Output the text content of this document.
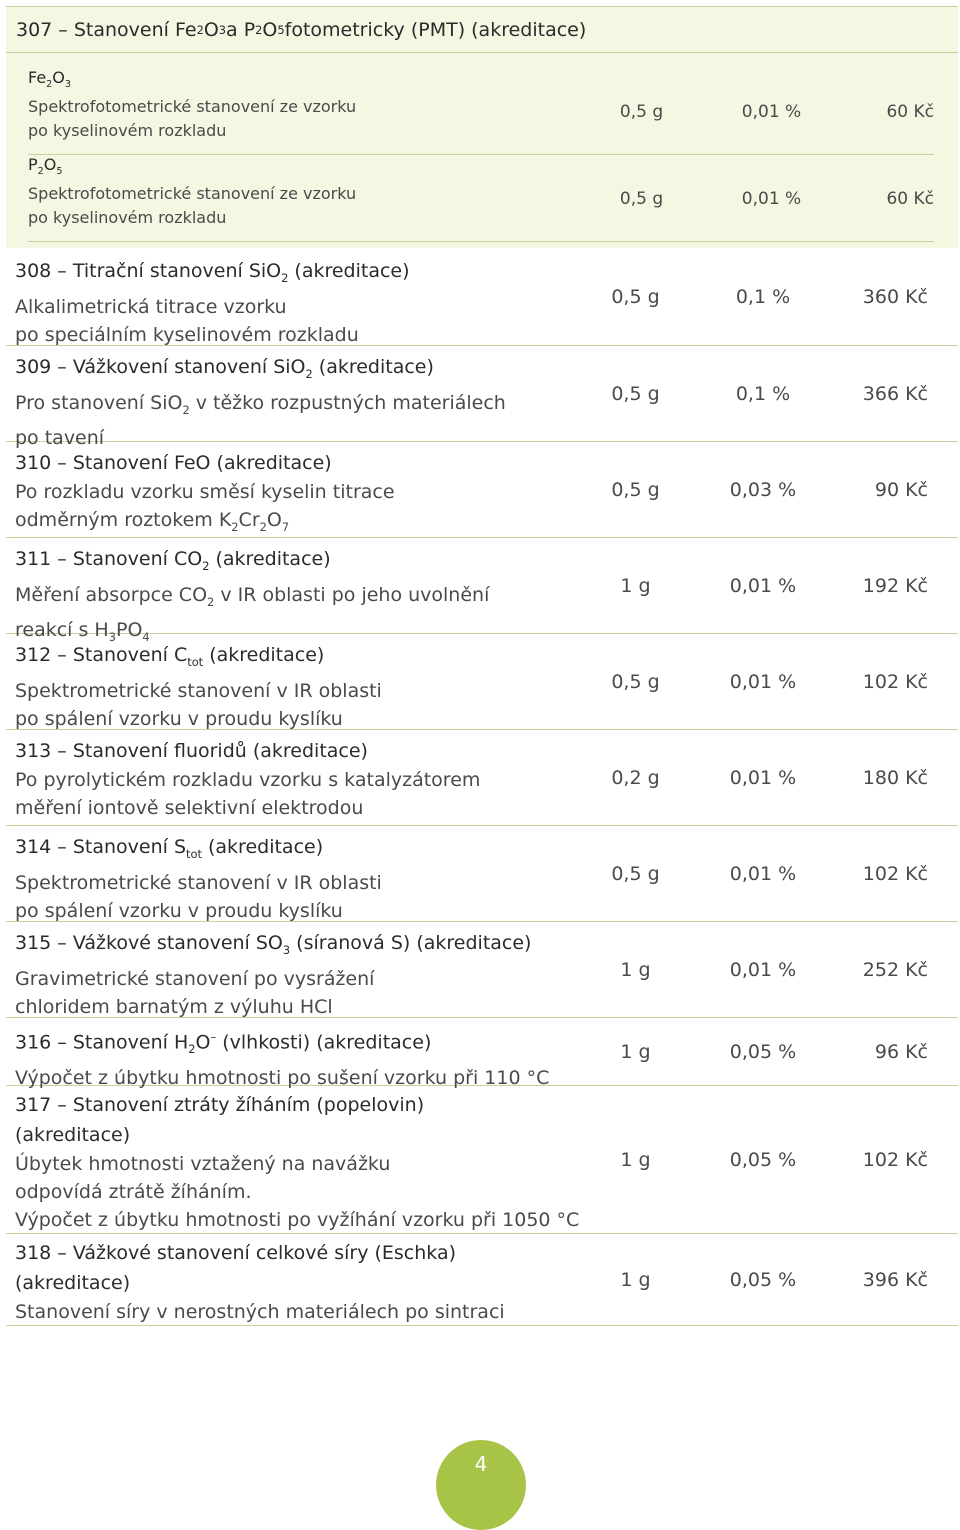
307 – Stanovení Fe 2 O 3 a P 2 O 5 fotometricky (PMT) (akreditace)
$Fe_2O_3$
Spektrofotometrické stanovení ze vzorku
po kyselinovém rozkladu
0,5 g	0,01 %	60 Kč
$P_2O_5$
Spektrofotometrické stanovení ze vzorku
po kyselinovém rozkladu
0,5 g	0,01 %	60 Kč
308 – Titrační stanovení SiO$_2$ (akreditace)
Alkalimetrická titrace vzorku
po speciálním kyselinovém rozkladu
0,5 g	0,1 %	360 Kč
309 – Vážkovení stanovení SiO$_2$ (akreditace)
Pro stanovení SiO$_2$ v těžko rozpustných materiálech
po tavení
0,5 g	0,1 %	366 Kč
310 – Stanovení FeO (akreditace)
Po rozkladu vzorku směsí kyselin titrace
odměrným roztokem $K_2Cr_2O_7$
0,5 g	0,03 %	90 Kč
311 – Stanovení $CO_2$ (akreditace)
Měření absorpce $CO_2$ v IR oblasti po jeho uvolnění
reakcí s $H_3PO_4$
1 g	0,01 %	192 Kč
312 – Stanovení $C_{tot}$ (akreditace)
Spektrometrické stanovení v IR oblasti
po spálení vzorku v proudu kyslíku
0,5 g	0,01 %	102 Kč
313 – Stanovení fluoridů (akreditace)
Po pyrolytickém rozkladu vzorku s katalyzátorem
měření iontově selektivní elektrodou
0,2 g	0,01 %	180 Kč
314 – Stanovení $S_{tot}$ (akreditace)
Spektrometrické stanovení v IR oblasti
po spálení vzorku v proudu kyslíku
0,5 g	0,01 %	102 Kč
315 – Vážkové stanovení $SO_3$ (síranová S) (akreditace)
Gravimetrické stanovení po vysrážení
chloridem barnatým z výluhu HCl
1 g	0,01 %	252 Kč
316 – Stanovení $H_2O^-$ (vlhkosti) (akreditace)
Výpočet z úbytku hmotnosti po sušení vzorku při 110 °C
1 g	0,05 %	96 Kč
317 – Stanovení ztráty žíháním (popelovin)
(akreditace)
Úbytek hmotnosti vztažený na navážku
odpovídá ztrátě žíháním.
Výpočet z úbytku hmotnosti po vyžíhání vzorku při 1050 °C
1 g	0,05 %	102 Kč
318 – Vážkové stanovení celkové síry (Eschka)
(akreditace)
Stanovení síry v nerostných materiálech po sintraci
1 g	0,05 %	396 Kč
4
